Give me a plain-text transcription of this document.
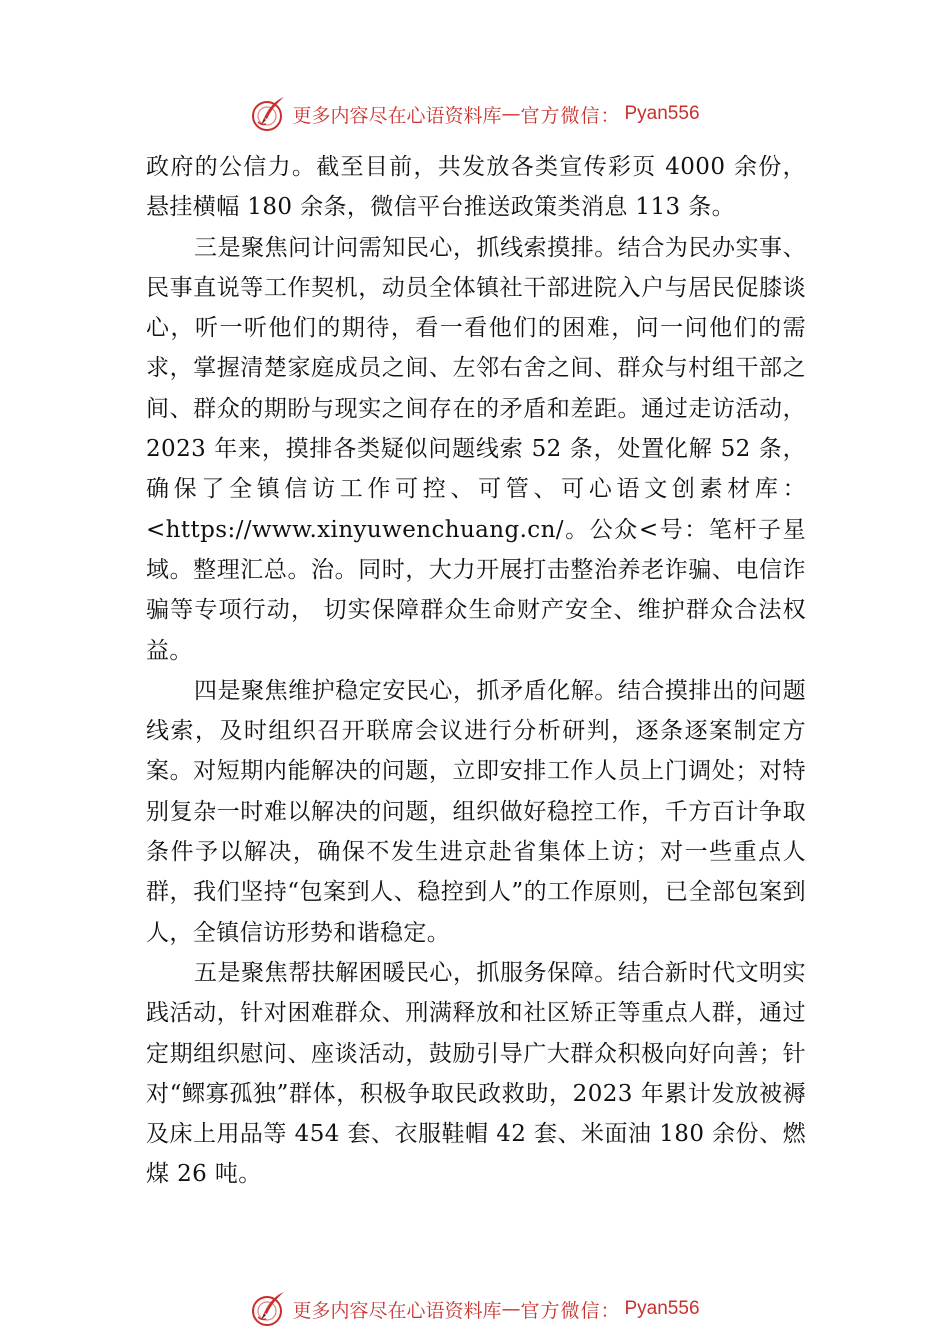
更多内容尽在心语资料库 — 官方微信： Pyan556

政府的公信力。截至目前，共发放各类宣传彩页 4000 余份，悬挂横幅 180 余条，微信平台推送政策类消息 113 条。

三是聚焦问计问需知民心，抓线索摸排。结合为民办实事、民事直说等工作契机，动员全体镇社干部进院入户与居民促膝谈心，听一听他们的期待，看一看他们的困难，问一问他们的需求，掌握清楚家庭成员之间、左邻右舍之间、群众与村组干部之间、群众的期盼与现实之间存在的矛盾和差距。通过走访活动，2023 年来，摸排各类疑似问题线索 52 条，处置化解 52 条，确保了全镇信访工作可控、可管、可心语文创素材库：<https://www.xinyuwenchuang.cn/。公众<号：笔杆子星域。整理汇总。治。同时，大力开展打击整治养老诈骗、电信诈骗等专项行动， 切实保障群众生命财产安全、维护群众合法权益。

四是聚焦维护稳定安民心，抓矛盾化解。结合摸排出的问题线索，及时组织召开联席会议进行分析研判，逐条逐案制定方案。对短期内能解决的问题，立即安排工作人员上门调处；对特别复杂一时难以解决的问题，组织做好稳控工作，千方百计争取条件予以解决，确保不发生进京赴省集体上访；对一些重点人群，我们坚持“包案到人、稳控到人”的工作原则，已全部包案到人，全镇信访形势和谐稳定。

五是聚焦帮扶解困暖民心，抓服务保障。结合新时代文明实践活动，针对困难群众、刑满释放和社区矫正等重点人群，通过定期组织慰问、座谈活动，鼓励引导广大群众积极向好向善；针对“鳏寡孤独”群体，积极争取民政救助，2023 年累计发放被褥及床上用品等 454 套、衣服鞋帽 42 套、米面油 180 余份、燃煤 26 吨。

更多内容尽在心语资料库 — 官方微信： Pyan556
